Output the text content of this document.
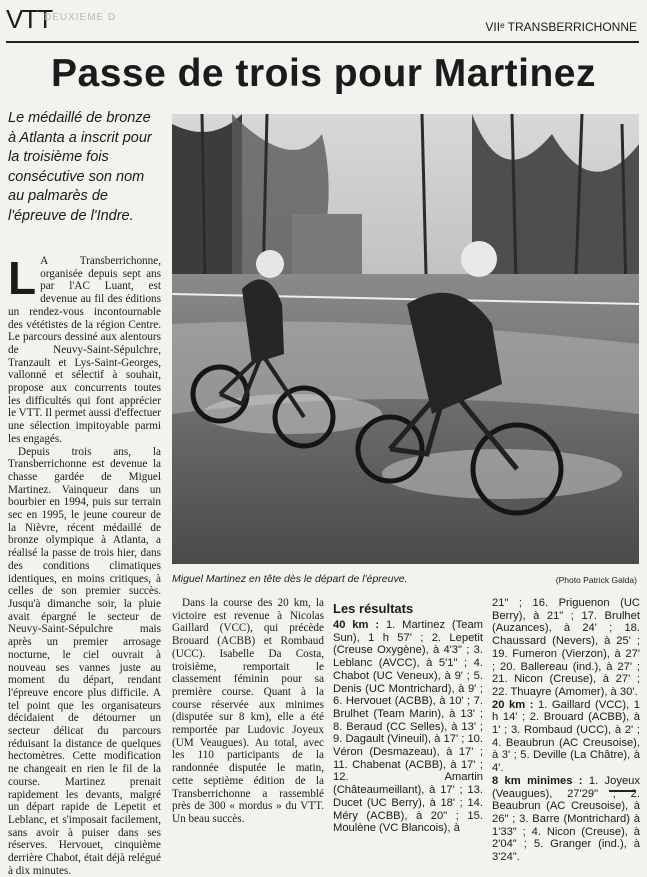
VTT
DEUXIEME D
VIIᵉ TRANSBERRICHONNE
Passe de trois pour Martinez
Le médaillé de bronze à Atlanta a inscrit pour la troisième fois consécutive son nom au palmarès de l'épreuve de l'Indre.

L A Transberrichonne, organisée depuis sept ans par l'AC Luant, est devenue au fil des éditions un rendez-vous incontournable des vététistes de la région Centre. Le parcours dessiné aux alentours de Neuvy-Saint-Sépulchre, Tranzault et Lys-Saint-Georges, vallonné et sélectif à souhait, propose aux concurrents toutes les difficultés qui font apprécier le VTT. Il permet aussi d'effectuer une sélection impitoyable parmi les engagés.

Depuis trois ans, la Transberrichonne est devenue la chasse gardée de Miguel Martinez. Vainqueur dans un bourbier en 1994, puis sur terrain sec en 1995, le jeune coureur de la Nièvre, récent médaillé de bronze olympique à Atlanta, a réalisé la passe de trois hier, dans des conditions climatiques identiques, en moins critiques, à celles de son premier succès. Jusqu'à dimanche soir, la pluie avait épargné le secteur de Neuvy-Saint-Sépulchre mais après un premier arrosage nocturne, le ciel ouvrait à nouveau ses vannes juste au moment du départ, rendant l'épreuve encore plus difficile. A tel point que les organisateurs décidaient de détourner un secteur délicat du parcours réduisant la distance de quelques hectomètres. Cette modification ne changeait en rien le fil de la course. Martinez prenait rapidement les devants, malgré un départ rapide de Lepetit et Leblanc, et s'imposait facilement, sans avoir à puiser dans ses réserves. Hervouet, cinquième derrière Chabot, était déjà relégué à dix minutes.

Miguel Martinez en tête dès le départ de l'épreuve.	(Photo Patrick Galda)

Dans la course des 20 km, la victoire est revenue à Nicolas Gaillard (VCC), qui précède Brouard (ACBB) et Rombaud (UCC). Isabelle Da Costa, troisième, remportait le classement féminin pour sa première course. Quant à la course réservée aux minimes (disputée sur 8 km), elle a été remportée par Ludovic Joyeux (UM Veaugues). Au total, avec les 110 participants de la randonnée disputée le matin, cette septième édition de la Transberrichonne a rassemblé près de 300 « mordus » du VTT. Un beau succès.

Les résultats
40 km : 1. Martinez (Team Sun), 1 h 57' ; 2. Lepetit (Creuse Oxygène), à 4'3" ; 3. Leblanc (AVCC), à 5'1" ; 4. Chabot (UC Veneux), à 9' ; 5. Denis (UC Montrichard), à 9' ; 6. Hervouet (ACBB), à 10' ; 7. Brulhet (Team Marin), à 13' ; 8. Beraud (CC Selles), à 13' ; 9. Dagault (Vineuil), à 17' ; 10. Véron (Desmazeau), à 17' ; 11. Chabenat (ACBB), à 17' ; 12. Amartin (Châteaumeillant), à 17' ; 13. Ducet (UC Berry), à 18' ; 14. Méry (ACBB), à 20" ; 15. Moulène (VC Blancois), à
21" ; 16. Priguenon (UC Berry), à 21" ; 17. Brulhet (Auzances), à 24' ; 18. Chaussard (Nevers), à 25' ; 19. Fumeron (Vierzon), à 27' ; 20. Ballereau (ind.), à 27' ; 21. Nicon (Creuse), à 27' ; 22. Thuayre (Amomer), à 30'.
20 km : 1. Gaillard (VCC), 1 h 14' ; 2. Brouard (ACBB), à 1' ; 3. Rombaud (UCC), à 2' ; 4. Beaubrun (AC Creusoise), à 3' ; 5. Deville (La Châtre), à 4'.
8 km minimes : 1. Joyeux (Veaugues), 27'29" ; 2. Beaubrun (AC Creusoise), à 26" ; 3. Barre (Montrichard) à 1'33" ; 4. Nicon (Creuse), à 2'04" ; 5. Granger (ind.), à 3'24".
